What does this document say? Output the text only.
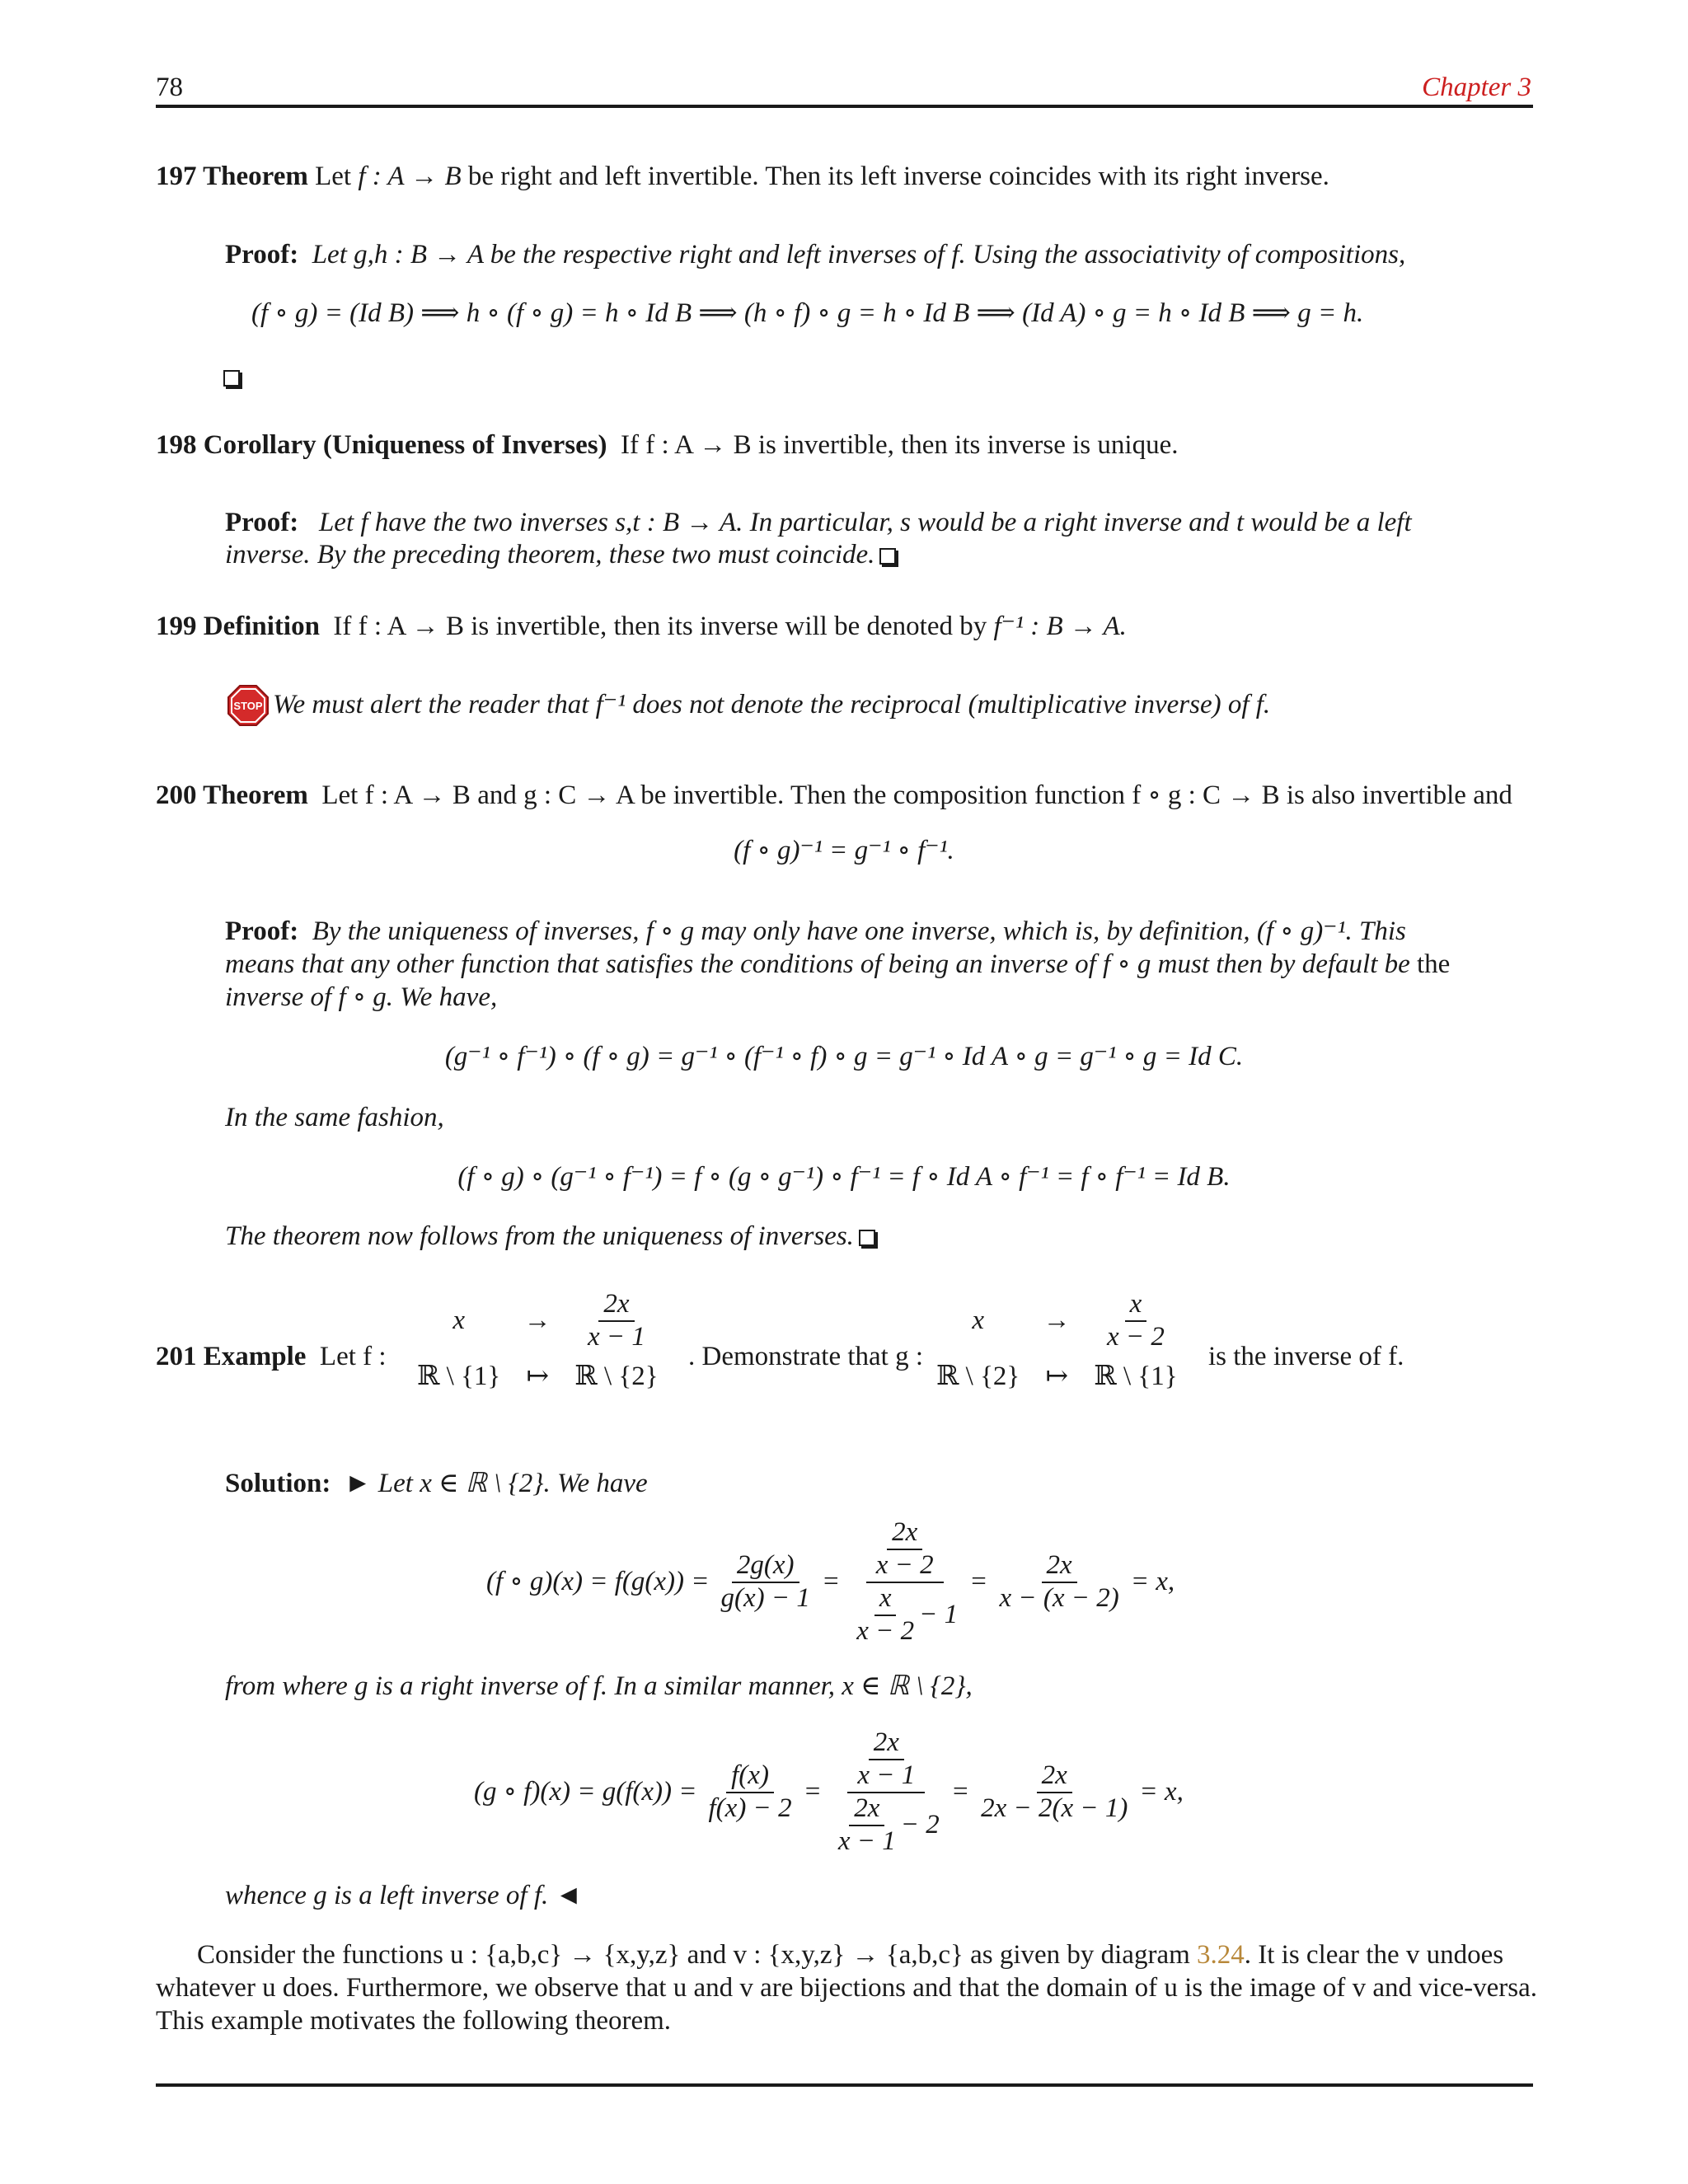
78	Chapter 3
197 Theorem Let f : A → B be right and left invertible. Then its left inverse coincides with its right inverse.
Proof: Let g,h : B → A be the respective right and left inverses of f. Using the associativity of compositions,
(f ∘ g) = (Id B) ⟹ h ∘ (f ∘ g) = h ∘ Id B ⟹ (h ∘ f) ∘ g = h ∘ Id B ⟹ (Id A) ∘ g = h ∘ Id B ⟹ g = h.
198 Corollary (Uniqueness of Inverses) If f : A → B is invertible, then its inverse is unique.
Proof: Let f have the two inverses s,t : B → A. In particular, s would be a right inverse and t would be a left
inverse. By the preceding theorem, these two must coincide.
199 Definition If f : A → B is invertible, then its inverse will be denoted by f⁻¹ : B → A.
STOP We must alert the reader that f⁻¹ does not denote the reciprocal (multiplicative inverse) of f.
200 Theorem Let f : A → B and g : C → A be invertible. Then the composition function f ∘ g : C → B is also invertible and
(f ∘ g)⁻¹ = g⁻¹ ∘ f⁻¹.
Proof: By the uniqueness of inverses, f ∘ g may only have one inverse, which is, by definition, (f ∘ g)⁻¹. This
means that any other function that satisfies the conditions of being an inverse of f ∘ g must then by default be the
inverse of f ∘ g. We have,
(g⁻¹ ∘ f⁻¹) ∘ (f ∘ g) = g⁻¹ ∘ (f⁻¹ ∘ f) ∘ g = g⁻¹ ∘ Id A ∘ g = g⁻¹ ∘ g = Id C.
In the same fashion,
(f ∘ g) ∘ (g⁻¹ ∘ f⁻¹) = f ∘ (g ∘ g⁻¹) ∘ f⁻¹ = f ∘ Id A ∘ f⁻¹ = f ∘ f⁻¹ = Id B.
The theorem now follows from the uniqueness of inverses.
201 Example Let f :
x	→	$\frac{2x}{x - 1}$
ℝ \ {1} ↦ ℝ \ {2}
. Demonstrate that g :
x	→	$\frac{x}{x - 2}$
ℝ \ {2} ↦ ℝ \ {1}
is the inverse of f.
Solution: ► Let x ∈ ℝ \ {2}. We have
(f ∘ $g)(x) = f(g(x)) = \frac{2g(x)}{g(x) - 1} = \frac{\frac{2x}{x - 2}}{\frac{x}{x - 2} - 1} = \frac{2x}{x - (x - 2)} = x$,
from where g is a right inverse of f. In a similar manner, x ∈ ℝ \ {2},
(g ∘ $f)(x) = g(f(x)) = \frac{f(x)}{f(x) - 2} = \frac{\frac{2x}{x - 1}}{\frac{2x}{x - 1} - 2} = \frac{2x}{2x - 2(x - 1)} = x$,
whence g is a left inverse of f. ◄
Consider the functions u : {a,b,c} → {x,y,z} and v : {x,y,z} → {a,b,c} as given by diagram 3.24. It is clear the v undoes
whatever u does. Furthermore, we observe that u and v are bijections and that the domain of u is the image of v and vice-versa.
This example motivates the following theorem.
